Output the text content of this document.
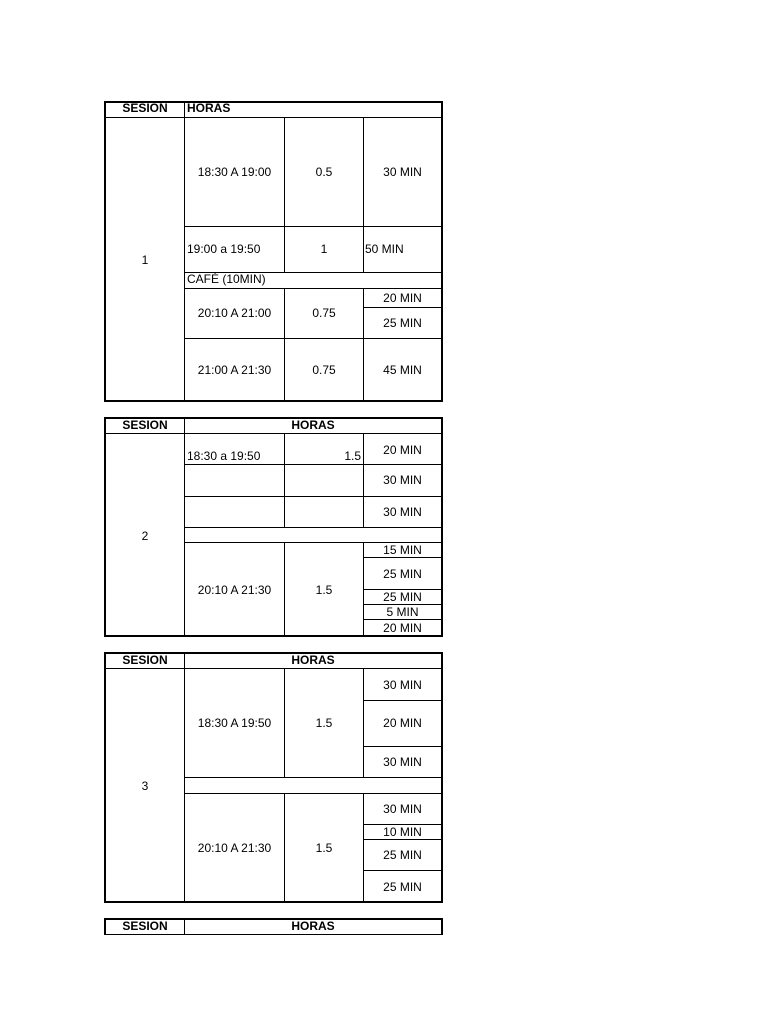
SESION	HORAS
1
18:30 A 19:00	0.5	30 MIN
19:00 a 19:50	1	50 MIN
CAFÉ (10MIN)
20:10 A 21:00	0.75
20 MIN
25 MIN
21:00 A 21:30	0.75	45 MIN
SESION	HORAS
2
18:30 a 19:50	1.5	20 MIN
30 MIN
30 MIN
20:10 A 21:30	1.5
15 MIN
25 MIN
25 MIN
5 MIN
20 MIN
SESION	HORAS
3
18:30 A 19:50	1.5
30 MIN
20 MIN
30 MIN
20:10 A 21:30	1.5
30 MIN
10 MIN
25 MIN
25 MIN
SESION	HORAS
